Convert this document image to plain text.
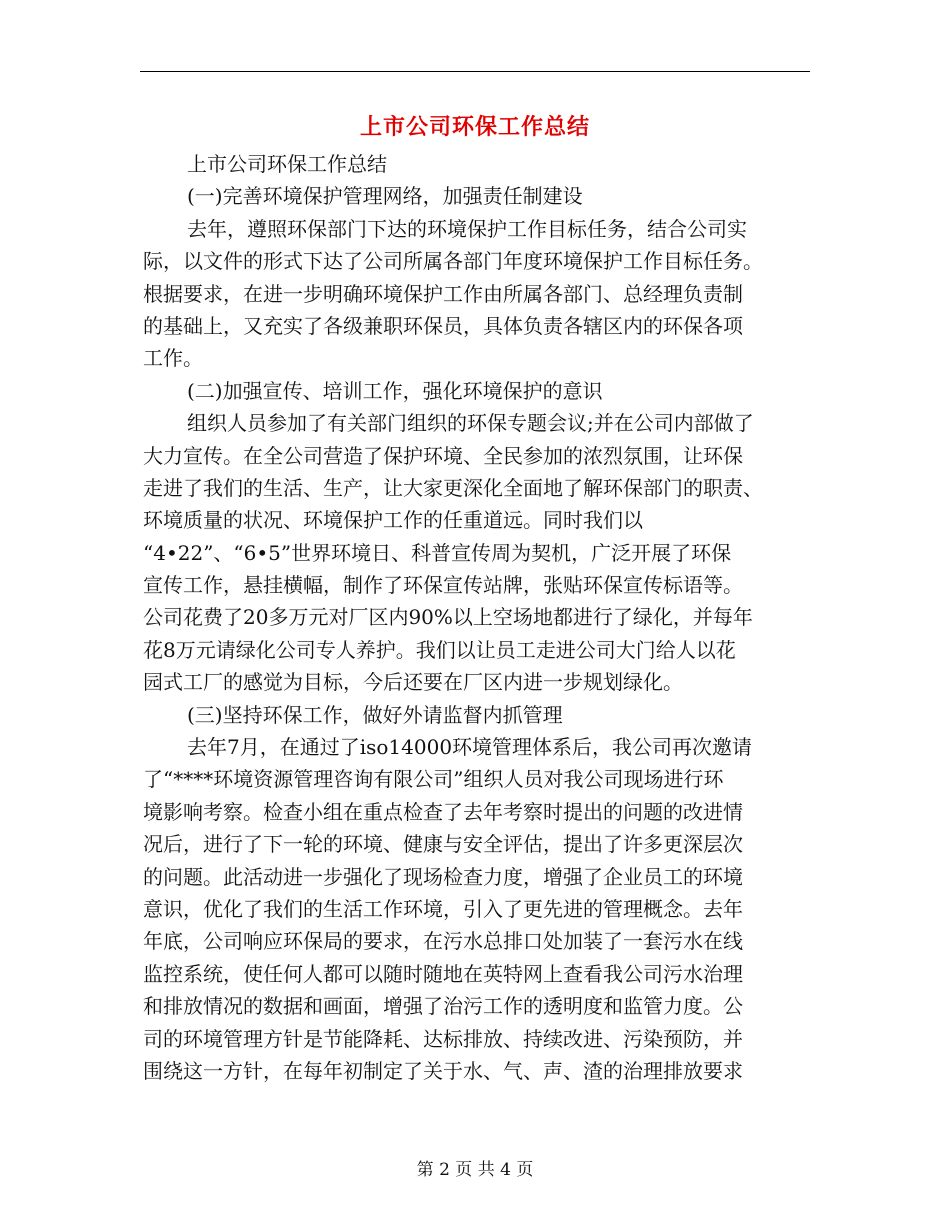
上市公司环保工作总结
上市公司环保工作总结
(一)完善环境保护管理网络，加强责任制建设
去年，遵照环保部门下达的环境保护工作目标任务，结合公司实
际，以文件的形式下达了公司所属各部门年度环境保护工作目标任务。
根据要求，在进一步明确环境保护工作由所属各部门、总经理负责制
的基础上，又充实了各级兼职环保员，具体负责各辖区内的环保各项
工作。
(二)加强宣传、培训工作，强化环境保护的意识
组织人员参加了有关部门组织的环保专题会议;并在公司内部做了
大力宣传。在全公司营造了保护环境、全民参加的浓烈氛围，让环保
走进了我们的生活、生产，让大家更深化全面地了解环保部门的职责、
环境质量的状况、环境保护工作的任重道远。同时我们以
“4•22”、“6•5”世界环境日、科普宣传周为契机，广泛开展了环保
宣传工作，悬挂横幅，制作了环保宣传站牌，张贴环保宣传标语等。
公司花费了20多万元对厂区内90%以上空场地都进行了绿化，并每年
花8万元请绿化公司专人养护。我们以让员工走进公司大门给人以花
园式工厂的感觉为目标，今后还要在厂区内进一步规划绿化。
(三)坚持环保工作，做好外请监督内抓管理
去年7月，在通过了iso14000环境管理体系后，我公司再次邀请
了“****环境资源管理咨询有限公司”组织人员对我公司现场进行环
境影响考察。检查小组在重点检查了去年考察时提出的问题的改进情
况后，进行了下一轮的环境、健康与安全评估，提出了许多更深层次
的问题。此活动进一步强化了现场检查力度，增强了企业员工的环境
意识，优化了我们的生活工作环境，引入了更先进的管理概念。去年
年底，公司响应环保局的要求，在污水总排口处加装了一套污水在线
监控系统，使任何人都可以随时随地在英特网上查看我公司污水治理
和排放情况的数据和画面，增强了治污工作的透明度和监管力度。公
司的环境管理方针是节能降耗、达标排放、持续改进、污染预防，并
围绕这一方针，在每年初制定了关于水、气、声、渣的治理排放要求
第 2 页 共 4 页
